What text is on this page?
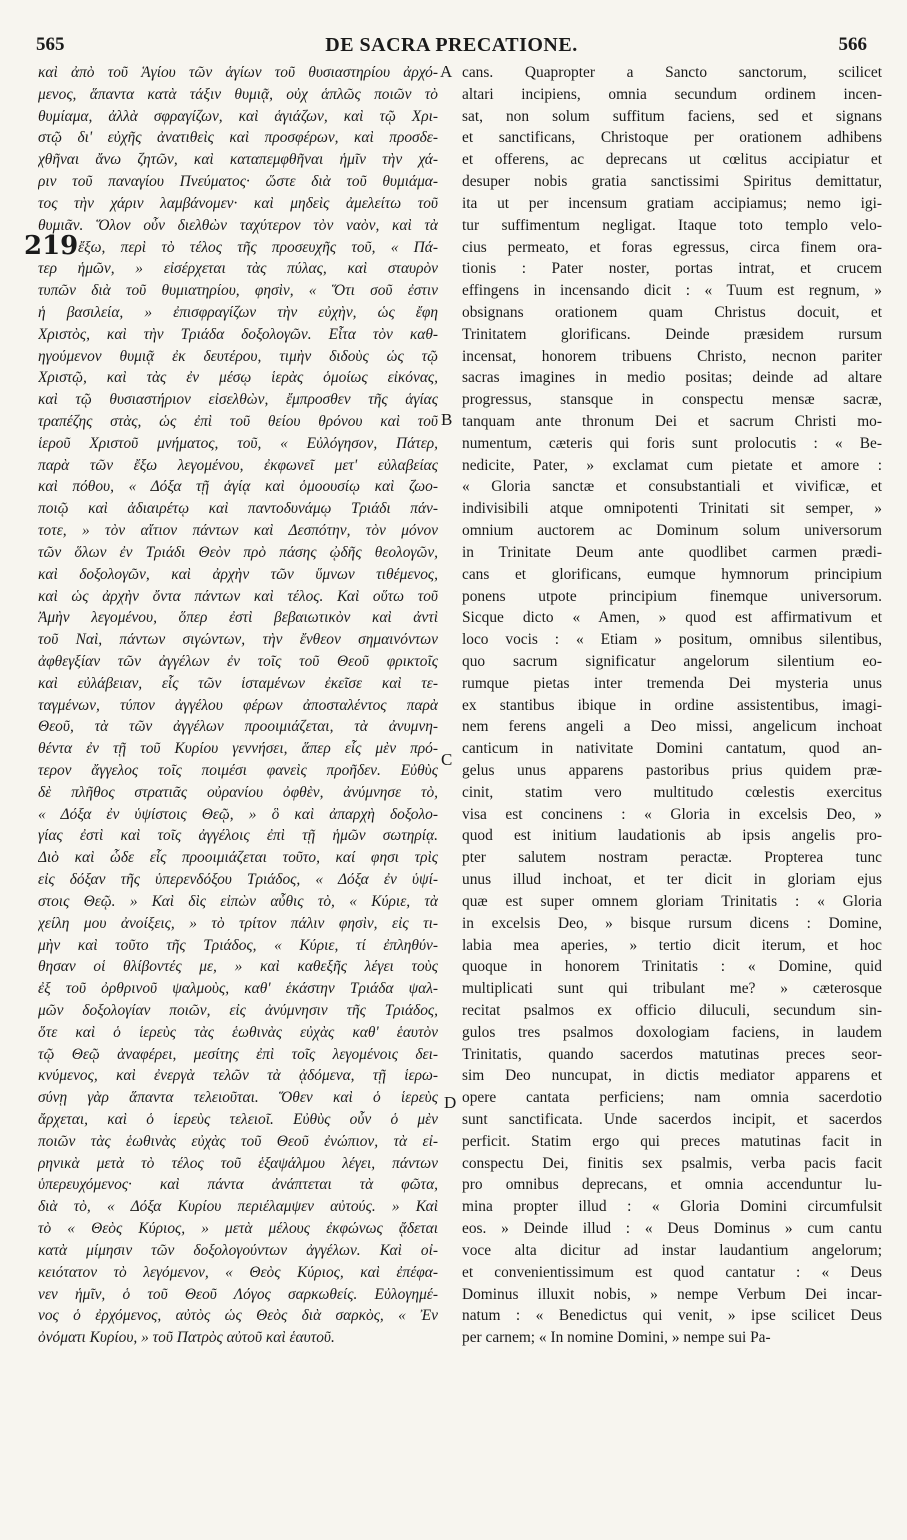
565	DE SACRA PRECATIONE.	566
219
καὶ ἀπὸ τοῦ Ἁγίου τῶν ἁγίων τοῦ θυσιαστηρίου ἀρχό-
μενος, ἅπαντα κατὰ τάξιν θυμιᾷ, οὐχ ἁπλῶς ποιῶν τὸ
θυμίαμα, ἀλλὰ σφραγίζων, καὶ ἁγιάζων, καὶ τῷ Χρι-
στῷ δι' εὐχῆς ἀνατιθεὶς καὶ προσφέρων, καὶ προσδε-
χθῆναι ἄνω ζητῶν, καὶ καταπεμφθῆναι ἡμῖν τὴν χά-
ριν τοῦ παναγίου Πνεύματος· ὥστε διὰ τοῦ θυμιάμα-
τος τὴν χάριν λαμβάνομεν· καὶ μηδεὶς ἀμελείτω τοῦ
θυμιᾶν. Ὅλον οὖν διελθὼν ταχύτερον τὸν ναὸν, καὶ τὰ
ἔξω, περὶ τὸ τέλος τῆς προσευχῆς τοῦ, « Πά-
τερ ἡμῶν, » εἰσέρχεται τὰς πύλας, καὶ σταυρὸν
τυπῶν διὰ τοῦ θυμιατηρίου, φησὶν, « Ὅτι σοῦ ἐστιν
ἡ βασιλεία, » ἐπισφραγίζων τὴν εὐχὴν, ὡς ἔφη
Χριστὸς, καὶ τὴν Τριάδα δοξολογῶν. Εἶτα τὸν καθ-
ηγούμενον θυμιᾷ ἐκ δευτέρου, τιμὴν διδοὺς ὡς τῷ
Χριστῷ, καὶ τὰς ἐν μέσῳ ἱερὰς ὁμοίως εἰκόνας,
καὶ τῷ θυσιαστήριον εἰσελθὼν, ἔμπροσθεν τῆς ἁγίας
τραπέζης στὰς, ὡς ἐπὶ τοῦ θείου θρόνου καὶ τοῦ
ἱεροῦ Χριστοῦ μνήματος, τοῦ, « Εὐλόγησον, Πάτερ,
παρὰ τῶν ἔξω λεγομένου, ἐκφωνεῖ μετ' εὐλαβείας
καὶ πόθου, « Δόξα τῇ ἁγίᾳ καὶ ὁμοουσίῳ καὶ ζωο-
ποιῷ καὶ ἀδιαιρέτῳ καὶ παντοδυνάμῳ Τριάδι πάν-
τοτε, » τὸν αἴτιον πάντων καὶ Δεσπότην, τὸν μόνον
τῶν ὅλων ἐν Τριάδι Θεὸν πρὸ πάσης ᾠδῆς θεολογῶν,
καὶ δοξολογῶν, καὶ ἀρχὴν τῶν ὕμνων τιθέμενος,
καὶ ὡς ἀρχὴν ὄντα πάντων καὶ τέλος. Καὶ οὕτω τοῦ
Ἀμὴν λεγομένου, ὅπερ ἐστὶ βεβαιωτικὸν καὶ ἀντὶ
τοῦ Ναὶ, πάντων σιγώντων, τὴν ἔνθεον σημαινόντων
ἀφθεγξίαν τῶν ἀγγέλων ἐν τοῖς τοῦ Θεοῦ φρικτοῖς
καὶ εὐλάβειαν, εἷς τῶν ἱσταμένων ἐκεῖσε καὶ τε-
ταγμένων, τύπον ἀγγέλου φέρων ἀποσταλέντος παρὰ
Θεοῦ, τὰ τῶν ἀγγέλων προοιμιάζεται, τὰ ἀνυμνη-
θέντα ἐν τῇ τοῦ Κυρίου γεννήσει, ἅπερ εἷς μὲν πρό-
τερον ἄγγελος τοῖς ποιμέσι φανεὶς προῆδεν. Εὐθὺς
δὲ πλῆθος στρατιᾶς οὐρανίου ὀφθὲν, ἀνύμνησε τὸ,
« Δόξα ἐν ὑψίστοις Θεῷ, » ὃ καὶ ἀπαρχὴ δοξολο-
γίας ἐστὶ καὶ τοῖς ἀγγέλοις ἐπὶ τῇ ἡμῶν σωτηρίᾳ.
Διὸ καὶ ὧδε εἷς προοιμιάζεται τοῦτο, καί φησι τρὶς
εἰς δόξαν τῆς ὑπερενδόξου Τριάδος, « Δόξα ἐν ὑψί-
στοις Θεῷ. » Καὶ δὶς εἰπὼν αὖθις τὸ, « Κύριε, τὰ
χείλη μου ἀνοίξεις, » τὸ τρίτον πάλιν φησὶν, εἰς τι-
μὴν καὶ τοῦτο τῆς Τριάδος, « Κύριε, τί ἐπληθύν-
θησαν οἱ θλίβοντές με, » καὶ καθεξῆς λέγει τοὺς
ἐξ τοῦ ὀρθρινοῦ ψαλμοὺς, καθ' ἑκάστην Τριάδα ψαλ-
μῶν δοξολογίαν ποιῶν, εἰς ἀνύμνησιν τῆς Τριάδος,
ὅτε καὶ ὁ ἱερεὺς τὰς ἑωθινὰς εὐχὰς καθ' ἑαυτὸν
τῷ Θεῷ ἀναφέρει, μεσίτης ἐπὶ τοῖς λεγομένοις δει-
κνύμενος, καὶ ἐνεργὰ τελῶν τὰ ᾀδόμενα, τῇ ἱερω-
σύνῃ γὰρ ἅπαντα τελειοῦται. Ὅθεν καὶ ὁ ἱερεὺς
ἄρχεται, καὶ ὁ ἱερεὺς τελειοῖ. Εὐθὺς οὖν ὁ μὲν
ποιῶν τὰς ἑωθινὰς εὐχὰς τοῦ Θεοῦ ἐνώπιον, τὰ εἰ-
ρηνικὰ μετὰ τὸ τέλος τοῦ ἑξαψάλμου λέγει, πάντων
ὑπερευχόμενος· καὶ πάντα ἀνάπτεται τὰ φῶτα,
διὰ τὸ, « Δόξα Κυρίου περιέλαμψεν αὐτούς. » Καὶ
τὸ « Θεὸς Κύριος, » μετὰ μέλους ἐκφώνως ᾄδεται
κατὰ μίμησιν τῶν δοξολογούντων ἀγγέλων. Καὶ οἰ-
κειότατον τὸ λεγόμενον, « Θεὸς Κύριος, καὶ ἐπέφα-
νεν ἡμῖν, ὁ τοῦ Θεοῦ Λόγος σαρκωθείς. Εὐλογημέ-
νος ὁ ἐρχόμενος, αὐτὸς ὡς Θεὸς διὰ σαρκὸς, « Ἐν
ὀνόματι Κυρίου, » τοῦ Πατρὸς αὐτοῦ καὶ ἑαυτοῦ.
cans. Quapropter a Sancto sanctorum, scilicet
altari incipiens, omnia secundum ordinem incen-
sat, non solum suffitum faciens, sed et signans
et sanctificans, Christoque per orationem adhibens
et offerens, ac deprecans ut cœlitus accipiatur et
desuper nobis gratia sanctissimi Spiritus demittatur,
ita ut per incensum gratiam accipiamus; nemo igi-
tur suffimentum negligat. Itaque toto templo velo-
cius permeato, et foras egressus, circa finem ora-
tionis : Pater noster, portas intrat, et crucem
effingens in incensando dicit : « Tuum est regnum, »
obsignans orationem quam Christus docuit, et
Trinitatem glorificans. Deinde præsidem rursum
incensat, honorem tribuens Christo, necnon pariter
sacras imagines in medio positas; deinde ad altare
progressus, stansque in conspectu mensæ sacræ,
tanquam ante thronum Dei et sacrum Christi mo-
numentum, cæteris qui foris sunt prolocutis : « Be-
nedicite, Pater, » exclamat cum pietate et amore :
« Gloria sanctæ et consubstantiali et vivificæ, et
indivisibili atque omnipotenti Trinitati sit semper, »
omnium auctorem ac Dominum solum universorum
in Trinitate Deum ante quodlibet carmen prædi-
cans et glorificans, eumque hymnorum principium
ponens utpote principium finemque universorum.
Sicque dicto « Amen, » quod est affirmativum et
loco vocis : « Etiam » positum, omnibus silentibus,
quo sacrum significatur angelorum silentium eo-
rumque pietas inter tremenda Dei mysteria unus
ex stantibus ibique in ordine assistentibus, imagi-
nem ferens angeli a Deo missi, angelicum inchoat
canticum in nativitate Domini cantatum, quod an-
gelus unus apparens pastoribus prius quidem præ-
cinit, statim vero multitudo cœlestis exercitus
visa est concinens : « Gloria in excelsis Deo, »
quod est initium laudationis ab ipsis angelis pro-
pter salutem nostram peractæ. Propterea tunc
unus illud inchoat, et ter dicit in gloriam ejus
quæ est super omnem gloriam Trinitatis : « Gloria
in excelsis Deo, » bisque rursum dicens : Domine,
labia mea aperies, » tertio dicit iterum, et hoc
quoque in honorem Trinitatis : « Domine, quid
multiplicati sunt qui tribulant me? » cæterosque
recitat psalmos ex officio diluculi, secundum sin-
gulos tres psalmos doxologiam faciens, in laudem
Trinitatis, quando sacerdos matutinas preces seor-
sim Deo nuncupat, in dictis mediator apparens et
opere cantata perficiens; nam omnia sacerdotio
sunt sanctificata. Unde sacerdos incipit, et sacerdos
perficit. Statim ergo qui preces matutinas facit in
conspectu Dei, finitis sex psalmis, verba pacis facit
pro omnibus deprecans, et omnia accenduntur lu-
mina propter illud : « Gloria Domini circumfulsit
eos. » Deinde illud : « Deus Dominus » cum cantu
voce alta dicitur ad instar laudantium angelorum;
et convenientissimum est quod cantatur : « Deus
Dominus illuxit nobis, » nempe Verbum Dei incar-
natum : « Benedictus qui venit, » ipse scilicet Deus
per carnem; « In nomine Domini, » nempe sui Pa-
A
B
C
D
